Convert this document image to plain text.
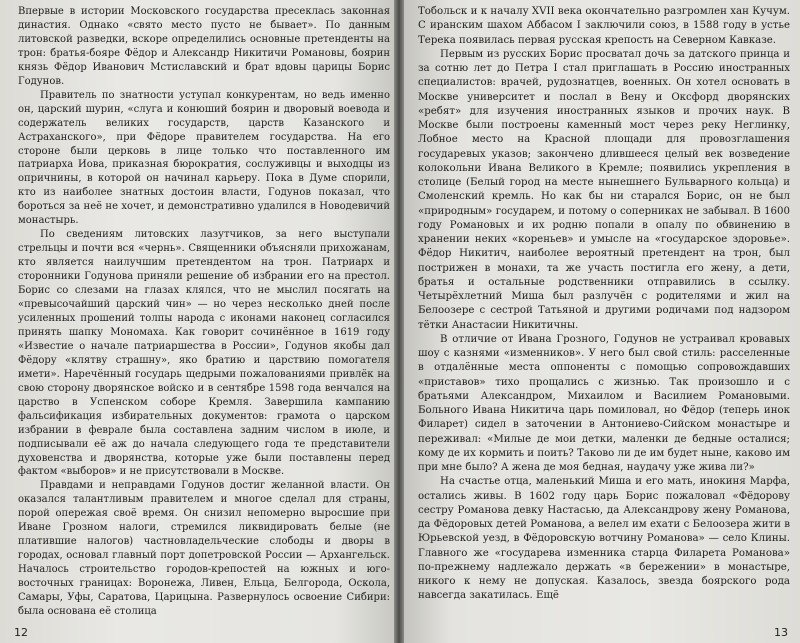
Впервые в истории Московского государства пресеклась законная династия. Однако «свято место пусто не бывает». По данным литовской разведки, вскоре определились основные претенденты на трон: братья-бояре Фёдор и Александр Никитичи Романовы, боярин князь Фёдор Иванович Мстиславский и брат вдовы царицы Борис Годунов.

Правитель по знатности уступал конкурентам, но ведь именно он, царский шурин, «слуга и конюший боярин и дворовый воевода и содержатель великих государств, царств Казанского и Астраханского», при Фёдоре правителем государства. На его стороне были церковь в лице только что поставленного им патриарха Иова, приказная бюрократия, сослуживцы и выходцы из опричнины, в которой он начинал карьеру. Пока в Думе спорили, кто из наиболее знатных достоин власти, Годунов показал, что бороться за неё не хочет, и демонстративно удалился в Новодевичий монастырь.

По сведениям литовских лазутчиков, за него выступали стрельцы и почти вся «чернь». Священники объясняли прихожанам, кто является наилучшим претендентом на трон. Патриарх и сторонники Годунова приняли решение об избрании его на престол. Борис со слезами на глазах клялся, что не мыслил посягать на «превысочайший царский чин» — но через несколько дней после усиленных прошений толпы народа с иконами наконец согласился принять шапку Мономаха. Как говорит сочинённое в 1619 году «Известие о начале патриаршества в России», Годунов якобы дал Фёдору «клятву страшну», яко братию и царствию помогателя имети». Наречённый государь щедрыми пожалованиями привлёк на свою сторону дворянское войско и в сентябре 1598 года венчался на царство в Успенском соборе Кремля. Завершила кампанию фальсификация избирательных документов: грамота о царском избрании в феврале была составлена задним числом в июле, и подписывали её аж до начала следующего года те представители духовенства и дворянства, которые уже были поставлены перед фактом «выборов» и не присутствовали в Москве.

Правдами и неправдами Годунов достиг желанной власти. Он оказался талантливым правителем и многое сделал для страны, порой опережая своё время. Он снизил непомерно выросшие при Иване Грозном налоги, стремился ликвидировать белые (не платившие налогов) частновладельческие слободы и дворы в городах, основал главный порт допетровской России — Архангельск. Началось строительство городов-крепостей на южных и юго-восточных границах: Воронежа, Ливен, Ельца, Белгорода, Оскола, Самары, Уфы, Саратова, Царицына. Развернулось освоение Сибири: была основана её столица

12

Тобольск и к началу XVII века окончательно разгромлен хан Кучум. С иранским шахом Аббасом I заключили союз, в 1588 году в устье Терека появилась первая русская крепость на Северном Кавказе.

Первым из русских Борис просватал дочь за датского принца и за сотню лет до Петра I стал приглашать в Россию иностранных специалистов: врачей, рудознатцев, военных. Он хотел основать в Москве университет и послал в Вену и Оксфорд дворянских «ребят» для изучения иностранных языков и прочих наук. В Москве были построены каменный мост через реку Неглинку, Лобное место на Красной площади для провозглашения государевых указов; закончено длившееся целый век возведение колокольни Ивана Великого в Кремле; появились укрепления в столице (Белый город на месте нынешнего Бульварного кольца) и Смоленский кремль. Но как бы ни старался Борис, он не был «природным» государем, и потому о соперниках не забывал. В 1600 году Романовых и их родню попали в опалу по обвинению в хранении неких «кореньев» и умысле на «государское здоровье». Фёдор Никитич, наиболее вероятный претендент на трон, был пострижен в монахи, та же участь постигла его жену, а дети, братья и остальные родственники отправились в ссылку. Четырёхлетний Миша был разлучён с родителями и жил на Белоозере с сестрой Татьяной и другими родичами под надзором тётки Анастасии Никитичны.

В отличие от Ивана Грозного, Годунов не устраивал кровавых шоу с казнями «изменников». У него был свой стиль: расселенные в отдалённые места оппоненты с помощью сопровождавших «приставов» тихо прощались с жизнью. Так произошло и с братьями Александром, Михаилом и Василием Романовыми. Больного Ивана Никитича царь помиловал, но Фёдор (теперь инок Филарет) сидел в заточении в Антониево-Сийском монастыре и переживал: «Милые де мои детки, маленки де бедные осталися; кому де их кормить и поить? Таково ли де им будет ныне, каково им при мне было? А жена де моя бедная, наудачу уже жива ли?»

На счастье отца, маленький Миша и его мать, инокиня Марфа, остались живы. В 1602 году царь Борис пожаловал «Фёдорову сестру Романова девку Настасью, да Александрову жену Романова, да Фёдоровых детей Романова, а велел им ехати с Белоозера жити в Юрьевской уезд, в Фёдоровскую вотчину Романова» — село Клины. Главного же «государева изменника старца Филарета Романова» по-прежнему надлежало держать «в бережении» в монастыре, никого к нему не допуская. Казалось, звезда боярского рода навсегда закатилась. Ещё

13
